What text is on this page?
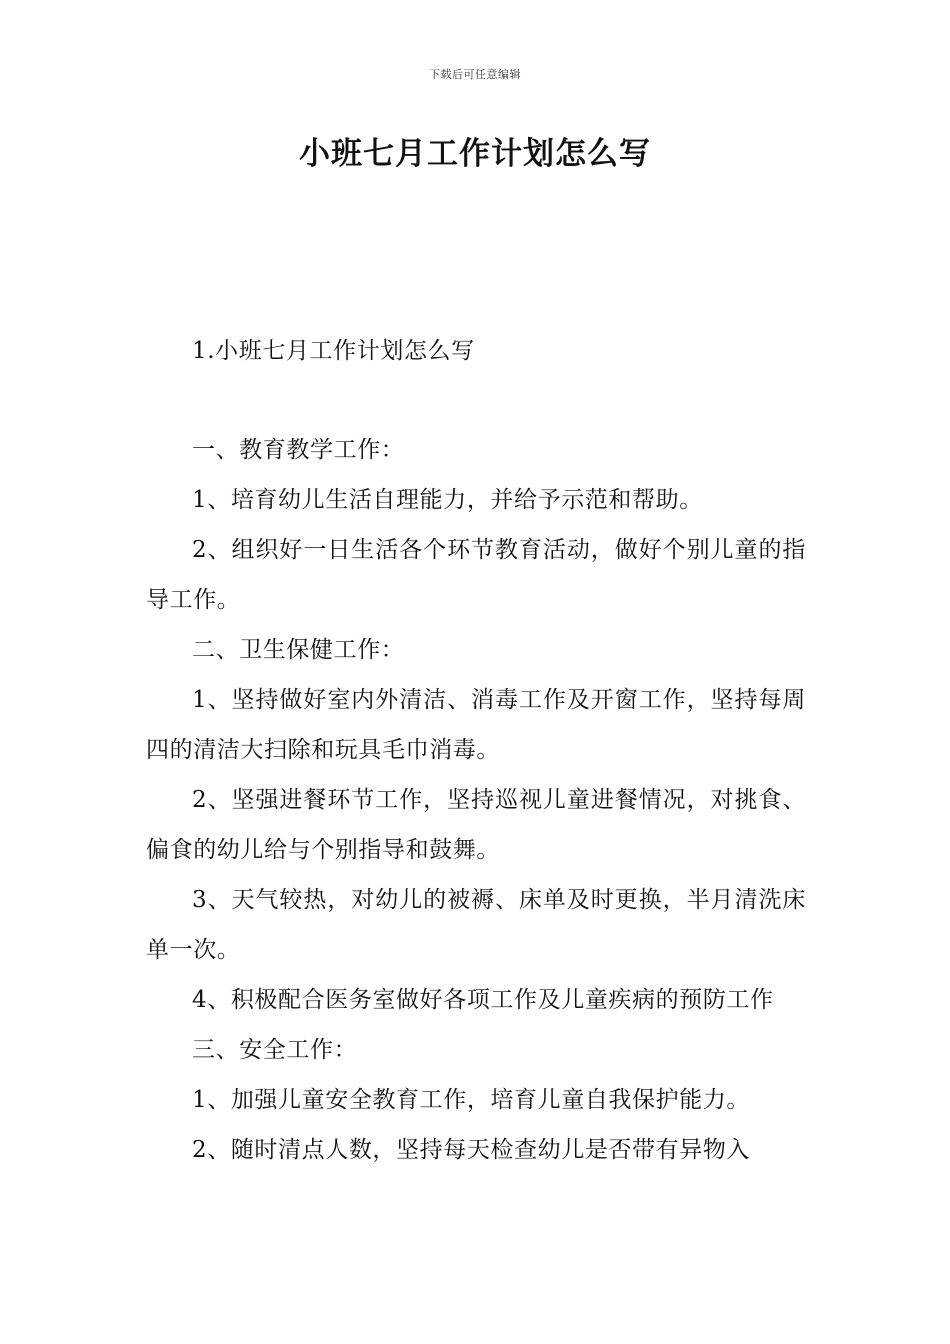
下载后可任意编辑
小班七月工作计划怎么写

1.小班七月工作计划怎么写

一、教育教学工作：

1、培育幼儿生活自理能力，并给予示范和帮助。

2、组织好一日生活各个环节教育活动，做好个别儿童的指导工作。

二、卫生保健工作：

1、坚持做好室内外清洁、消毒工作及开窗工作，坚持每周四的清洁大扫除和玩具毛巾消毒。

2、坚强进餐环节工作，坚持巡视儿童进餐情况，对挑食、偏食的幼儿给与个别指导和鼓舞。

3、天气较热，对幼儿的被褥、床单及时更换，半月清洗床单一次。

4、积极配合医务室做好各项工作及儿童疾病的预防工作

三、安全工作：

1、加强儿童安全教育工作，培育儿童自我保护能力。

2、随时清点人数，坚持每天检查幼儿是否带有异物入
